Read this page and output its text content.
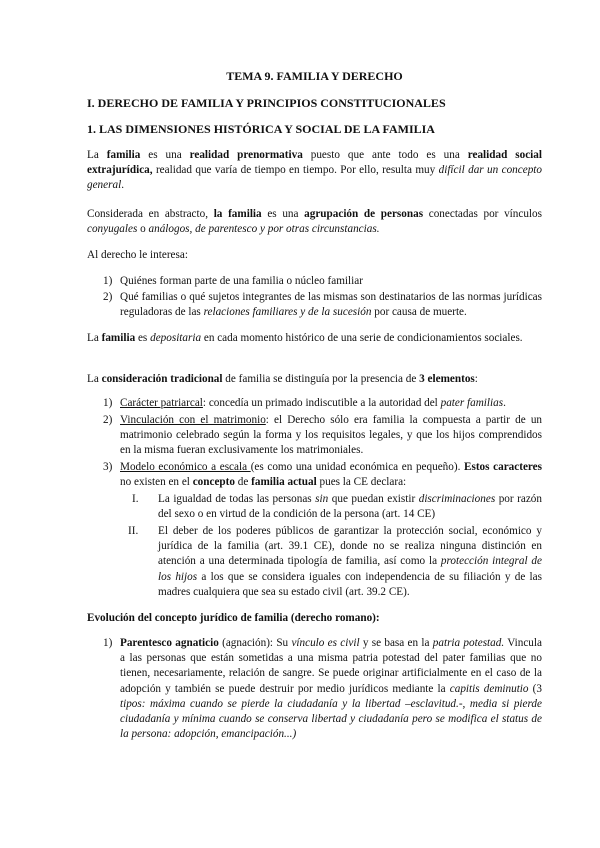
TEMA 9. FAMILIA Y DERECHO

I. DERECHO DE FAMILIA Y PRINCIPIOS CONSTITUCIONALES

1. LAS DIMENSIONES HISTÓRICA Y SOCIAL DE LA FAMILIA

La familia es una realidad prenormativa puesto que ante todo es una realidad social extrajurídica, realidad que varía de tiempo en tiempo. Por ello, resulta muy difícil dar un concepto general.

Considerada en abstracto, la familia es una agrupación de personas conectadas por vínculos conyugales o análogos, de parentesco y por otras circunstancias.

Al derecho le interesa:

1) Quiénes forman parte de una familia o núcleo familiar

2) Qué familias o qué sujetos integrantes de las mismas son destinatarios de las normas jurídicas reguladoras de las relaciones familiares y de la sucesión por causa de muerte.

La familia es depositaria en cada momento histórico de una serie de condicionamientos sociales.

La consideración tradicional de familia se distinguía por la presencia de 3 elementos:

1) Carácter patriarcal: concedía un primado indiscutible a la autoridad del pater familias.

2) Vinculación con el matrimonio: el Derecho sólo era familia la compuesta a partir de un matrimonio celebrado según la forma y los requisitos legales, y que los hijos comprendidos en la misma fueran exclusivamente los matrimoniales.

3) Modelo económico a escala (es como una unidad económica en pequeño). Estos caracteres no existen en el concepto de familia actual pues la CE declara:

I. La igualdad de todas las personas sin que puedan existir discriminaciones por razón del sexo o en virtud de la condición de la persona (art. 14 CE)

II. El deber de los poderes públicos de garantizar la protección social, económico y jurídica de la familia (art. 39.1 CE), donde no se realiza ninguna distinción en atención a una determinada tipología de familia, así como la protección integral de los hijos a los que se considera iguales con independencia de su filiación y de las madres cualquiera que sea su estado civil (art. 39.2 CE).

Evolución del concepto jurídico de familia (derecho romano):

1) Parentesco agnaticio (agnación): Su vínculo es civil y se basa en la patria potestad. Vincula a las personas que están sometidas a una misma patria potestad del pater familias que no tienen, necesariamente, relación de sangre. Se puede originar artificialmente en el caso de la adopción y también se puede destruir por medio jurídicos mediante la capitis deminutio (3 tipos: máxima cuando se pierde la ciudadanía y la libertad –esclavitud.-, media si pierde ciudadanía y mínima cuando se conserva libertad y ciudadanía pero se modifica el status de la persona: adopción, emancipación...)
